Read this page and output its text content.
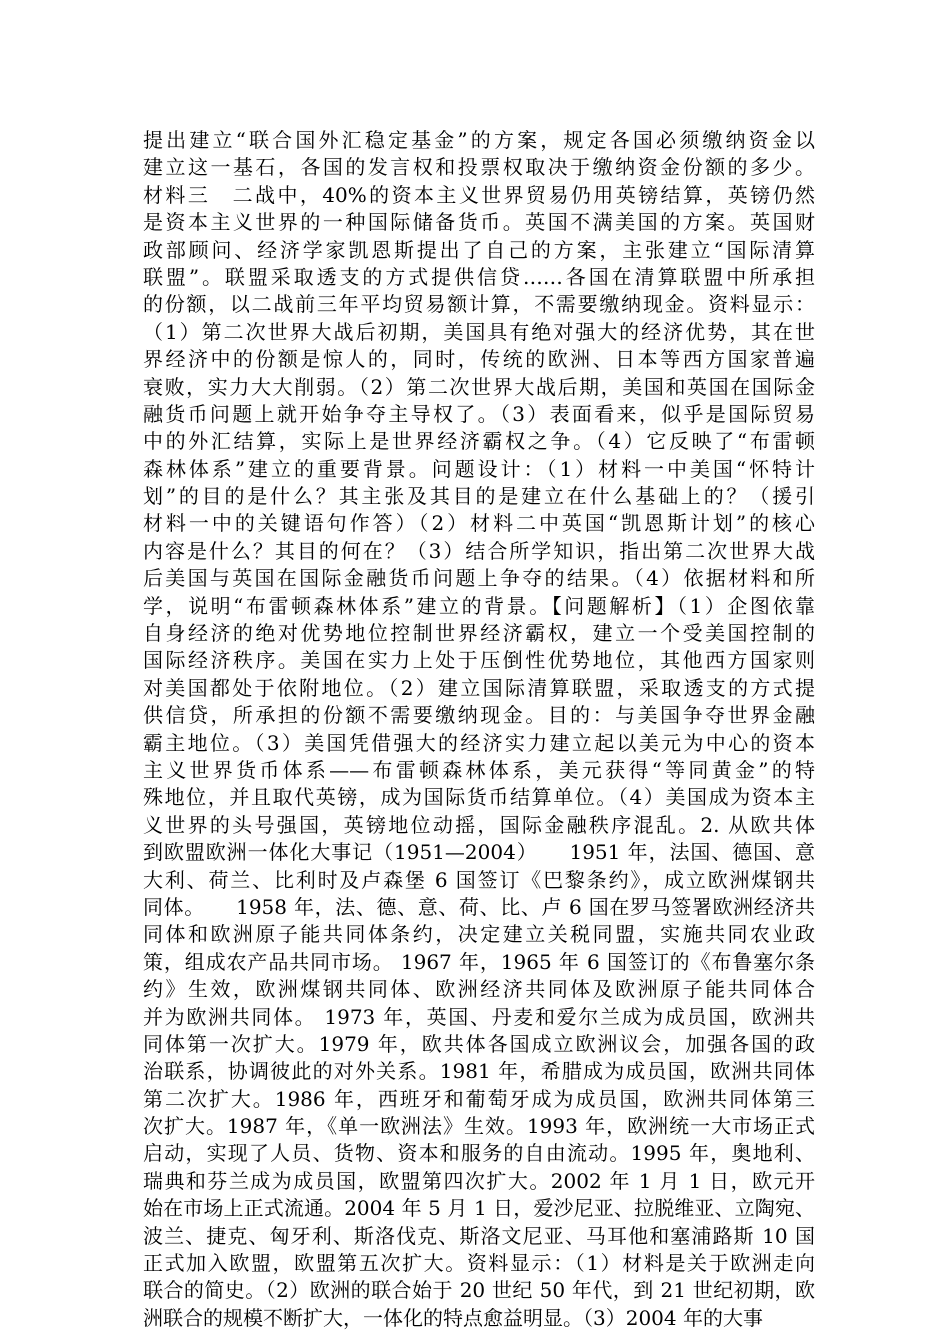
提出建立“联合国外汇稳定基金”的方案，规定各国必须缴纳资金以
建立这一基石，各国的发言权和投票权取决于缴纳资金份额的多少。
材料三　二战中，40%的资本主义世界贸易仍用英镑结算，英镑仍然
是资本主义世界的一种国际储备货币。英国不满美国的方案。英国财
政部顾问、经济学家凯恩斯提出了自己的方案，主张建立“国际清算
联盟”。联盟采取透支的方式提供信贷……各国在清算联盟中所承担
的份额，以二战前三年平均贸易额计算，不需要缴纳现金。资料显示：
（1）第二次世界大战后初期，美国具有绝对强大的经济优势，其在世
界经济中的份额是惊人的，同时，传统的欧洲、日本等西方国家普遍
衰败，实力大大削弱。（2）第二次世界大战后期，美国和英国在国际金
融货币问题上就开始争夺主导权了。（3）表面看来，似乎是国际贸易
中的外汇结算，实际上是世界经济霸权之争。（4）它反映了“布雷顿
森林体系”建立的重要背景。问题设计：（1）材料一中美国“怀特计
划”的目的是什么？其主张及其目的是建立在什么基础上的？（援引
材料一中的关键语句作答）（2）材料二中英国“凯恩斯计划”的核心
内容是什么？其目的何在？（3）结合所学知识，指出第二次世界大战
后美国与英国在国际金融货币问题上争夺的结果。（4）依据材料和所
学，说明“布雷顿森林体系”建立的背景。【问题解析】（1）企图依靠
自身经济的绝对优势地位控制世界经济霸权，建立一个受美国控制的
国际经济秩序。美国在实力上处于压倒性优势地位，其他西方国家则
对美国都处于依附地位。（2）建立国际清算联盟，采取透支的方式提
供信贷，所承担的份额不需要缴纳现金。目的：与美国争夺世界金融
霸主地位。（3）美国凭借强大的经济实力建立起以美元为中心的资本
主义世界货币体系——布雷顿森林体系，美元获得“等同黄金”的特
殊地位，并且取代英镑，成为国际货币结算单位。（4）美国成为资本主
义世界的头号强国，英镑地位动摇，国际金融秩序混乱。2. 从欧共体
到欧盟欧洲一体化大事记（1951—2004）　　1951 年，法国、德国、意
大利、荷兰、比利时及卢森堡 6 国签订《巴黎条约》，成立欧洲煤钢共
同体。　　1958 年，法、德、意、荷、比、卢 6 国在罗马签署欧洲经济共
同体和欧洲原子能共同体条约，决定建立关税同盟，实施共同农业政
策，组成农产品共同市场。 1967 年，1965 年 6 国签订的《布鲁塞尔条
约》生效，欧洲煤钢共同体、欧洲经济共同体及欧洲原子能共同体合
并为欧洲共同体。 1973 年，英国、丹麦和爱尔兰成为成员国，欧洲共
同体第一次扩大。1979 年，欧共体各国成立欧洲议会，加强各国的政
治联系，协调彼此的对外关系。1981 年，希腊成为成员国，欧洲共同体
第二次扩大。1986 年，西班牙和葡萄牙成为成员国，欧洲共同体第三
次扩大。1987 年，《单一欧洲法》生效。1993 年，欧洲统一大市场正式
启动，实现了人员、货物、资本和服务的自由流动。1995 年，奥地利、
瑞典和芬兰成为成员国，欧盟第四次扩大。2002 年 1 月 1 日，欧元开
始在市场上正式流通。2004 年 5 月 1 日，爱沙尼亚、拉脱维亚、立陶宛、
波兰、捷克、匈牙利、斯洛伐克、斯洛文尼亚、马耳他和塞浦路斯 10 国
正式加入欧盟，欧盟第五次扩大。资料显示：（1）材料是关于欧洲走向
联合的简史。（2）欧洲的联合始于 20 世纪 50 年代，到 21 世纪初期，欧
洲联合的规模不断扩大，一体化的特点愈益明显。（3）2004 年的大事
